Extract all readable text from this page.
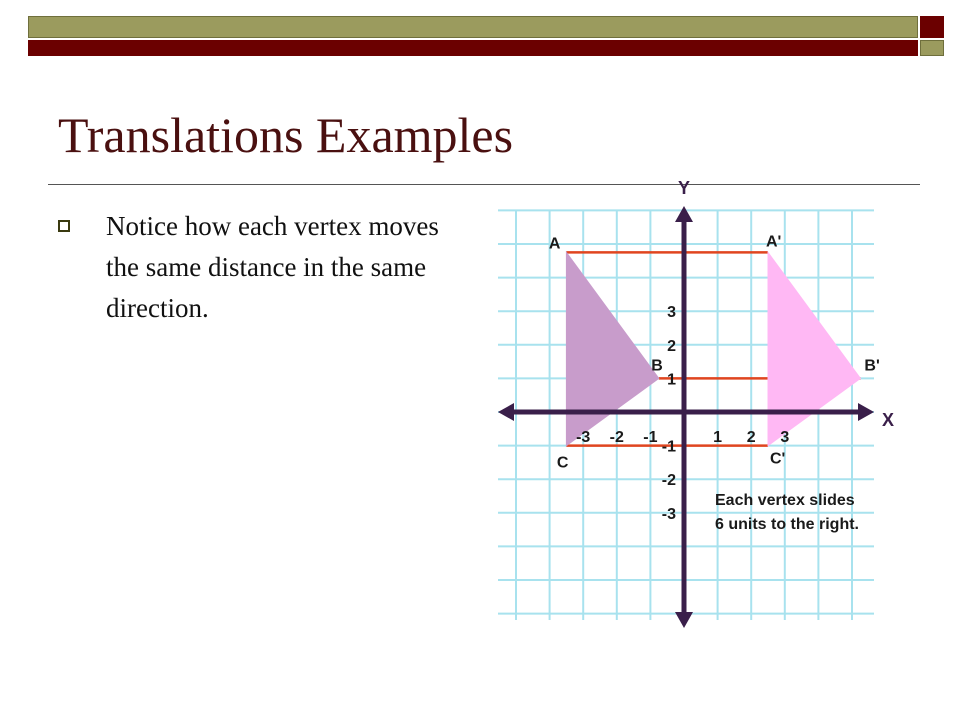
Translations Examples
Notice how each vertex moves the same distance in the same direction.
-3 -2 -1	1 2 3
3
2
1
-1
-2
-3
A
B
C
A'
B'
C'
X
Y
Each vertex slides
6 units to the right.
